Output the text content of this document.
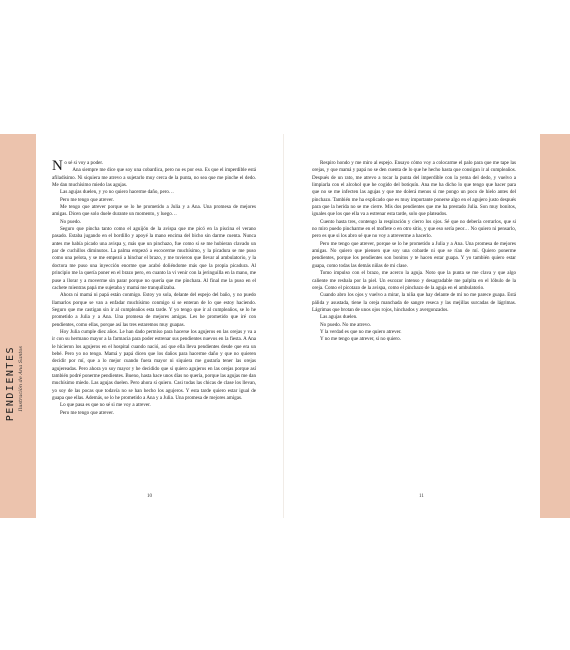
PENDIENTES Ilustración de Ana Santos

No sé si voy a poder.

Ana siempre me dice que soy una cobardica, pero no es por eso. Es que el imperdible está afiladísimo. Ni siquiera me atrevo a sujetarlo muy cerca de la punta, no sea que me pinche el dedo. Me dan muchísimo miedo las agujas.

Las agujas duelen, y yo no quiero hacerme daño, pero…

Pero me tengo que atrever.

Me tengo que atrever porque se lo he prometido a Julia y a Ana. Una promesa de mejores amigas. Dicen que solo duele durante un momento, y luego…

No puedo.

Seguro que pincha tanto como el aguijón de la avispa que me picó en la piscina el verano pasado. Estaba jugando en el bordillo y apoyé la mano encima del bicho sin darme cuenta. Nunca antes me había picado una avispa y, más que un pinchazo, fue como si se me hubieran clavado un par de cuchillos diminutos. La palma empezó a escocerme muchísimo, y la picadura se me puso como una pelota, y se me empezó a hinchar el brazo, y me tuvieron que llevar al ambulatorio, y la doctora me puso una inyección enorme que acabó doliéndome más que la propia picadura. Al principio me la quería poner en el brazo pero, en cuanto la vi venir con la jeringuilla en la mano, me puse a llorar y a moverme sin parar porque no quería que me pinchara. Al final me la puso en el cachete mientras papá me sujetaba y mamá me tranquilizaba.

Ahora ni mamá ni papá están conmigo. Estoy yo sola, delante del espejo del baño, y no puedo llamarlos porque se van a enfadar muchísimo conmigo si se enteran de lo que estoy haciendo. Seguro que me castigan sin ir al cumpleaños esta tarde. Y yo tengo que ir al cumpleaños, se lo he prometido a Julia y a Ana. Una promesa de mejores amigas. Les he prometido que iré con pendientes, como ellas, porque así las tres estaremos muy guapas.

Hoy Julia cumple diez años. Le han dado permiso para hacerse los agujeros en las orejas y va a ir con su hermano mayor a la farmacia para poder estrenar sus pendientes nuevos en la fiesta. A Ana le hicieron los agujeros en el hospital cuando nació, así que ella lleva pendientes desde que era un bebé. Pero yo no tengo. Mamá y papá dicen que los daños para hacerme daño y que no quieren decidir por mí, que a lo mejor cuando fuera mayor ni siquiera me gustaría tener las orejas agujereadas. Pero ahora yo soy mayor y he decidido que sí quiero agujeros en las orejas porque así también podré ponerme pendientes. Bueno, hasta hace unos días no quería, porque las agujas me dan muchísimo miedo. Las agujas duelen. Pero ahora sí quiero. Casi todas las chicas de clase los llevan, yo soy de las pocas que todavía no se han hecho los agujeros. Y esta tarde quiero estar igual de guapa que ellas. Además, se lo he prometido a Ana y a Julia. Una promesa de mejores amigas.

Lo que pasa es que no sé si me voy a atrever.

Pero me tengo que atrever.

10

Respiro hondo y me miro al espejo. Ensayo cómo voy a colocarme el palo para que me tape las orejas, y que mamá y papá no se den cuenta de lo que he hecho hasta que consigan ir al cumpleaños. Después de un rato, me atrevo a tocar la punta del imperdible con la yema del dedo, y vuelvo a limpiarla con el alcohol que he cogido del botiquín. Ana me ha dicho lo que tengo que hacer para que no se me infecten las agujas y que me dolerá menos si me pongo un poco de hielo antes del pinchazo. También me ha explicado que es muy importante ponerse algo en el agujero justo después para que la herida no se me cierre. Mis dos pendientes que me ha prestado Julia. Son muy bonitos, iguales que los que ella va a estrenar esta tarde, solo que plateados.

Cuento hasta tres, contengo la respiración y cierro los ojos. Sé que no debería cerrarlos, que si no miro puedo pincharme en el moflete o en otro sitio, y que eso sería peor… No quiero ni pensarlo, pero es que si los abro sé que no voy a atreverme a hacerlo.

Pero me tengo que atrever, porque se lo he prometido a Julia y a Ana. Una promesa de mejores amigas. No quiero que piensen que soy una cobarde ni que se rían de mí. Quiero ponerme pendientes, porque los pendientes son bonitos y te hacen estar guapa. Y yo también quiero estar guapa, como todas las demás niñas de mi clase.

Tomo impulso con el brazo, me acerco la aguja. Noto que la punta se me clava y que algo caliente me resbala por la piel. Un escozor intenso y desagradable me palpita en el lóbulo de la oreja. Como el picotazo de la avispa, como el pinchazo de la aguja en el ambulatorio.

Cuando abro los ojos y vuelvo a mirar, la niña que hay delante de mí no me parece guapa. Está pálida y asustada, tiene la oreja manchada de sangre reseca y las mejillas surcadas de lágrimas. Lágrimas que brotan de unos ojos rojos, hinchados y avergonzados.

Las agujas duelen.

No puedo. No me atrevo.

Y la verdad es que no me quiero atrever.

Y no me tengo que atrever, si no quiero.

11
